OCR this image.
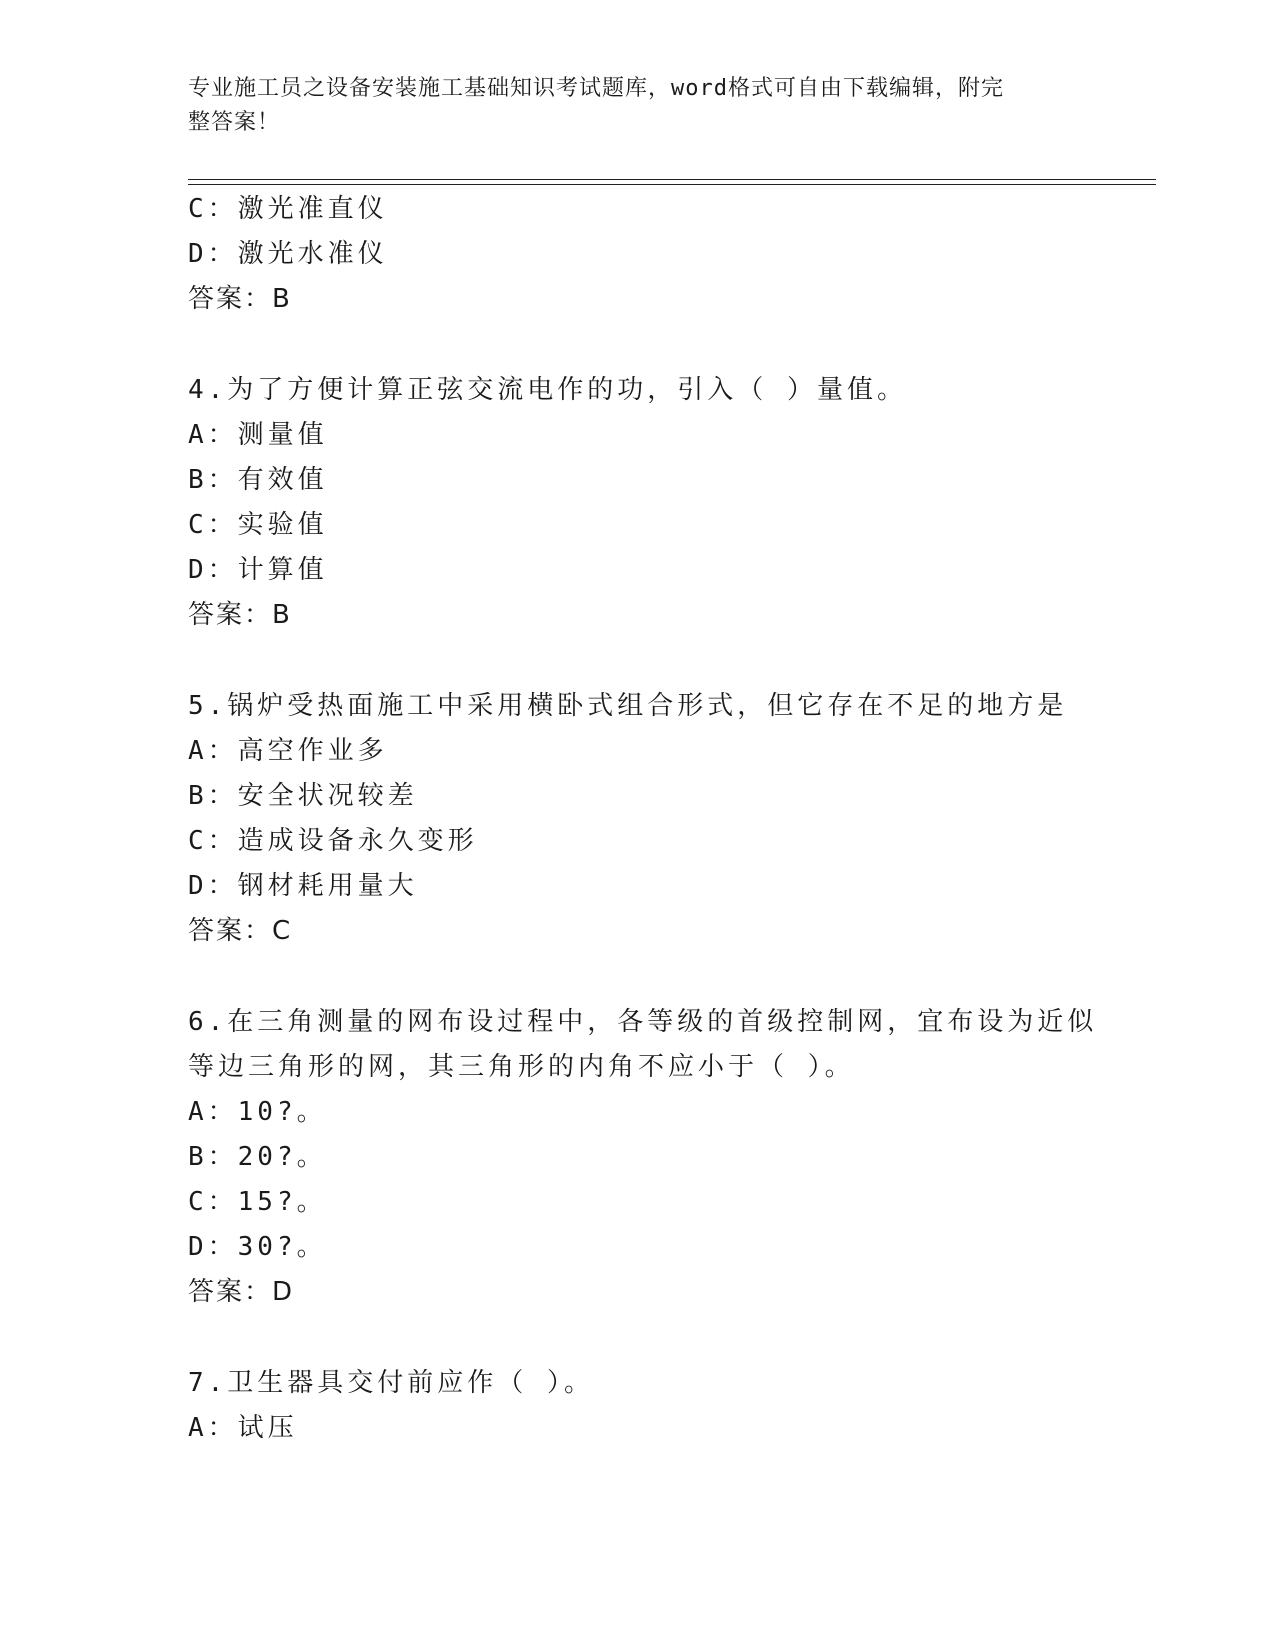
专业施工员之设备安装施工基础知识考试题库，word格式可自由下载编辑，附完
整答案！
C：激光准直仪
D：激光水准仪
答案：B
4.为了方便计算正弦交流电作的功，引入（ ）量值。
A：测量值
B：有效值
C：实验值
D：计算值
答案：B
5.锅炉受热面施工中采用横卧式组合形式，但它存在不足的地方是
A：高空作业多
B：安全状况较差
C：造成设备永久变形
D：钢材耗用量大
答案：C
6.在三角测量的网布设过程中，各等级的首级控制网，宜布设为近似
等边三角形的网，其三角形的内角不应小于（ ）。
A：10?。
B：20?。
C：15?。
D：30?。
答案：D
7.卫生器具交付前应作（ ）。
A：试压
